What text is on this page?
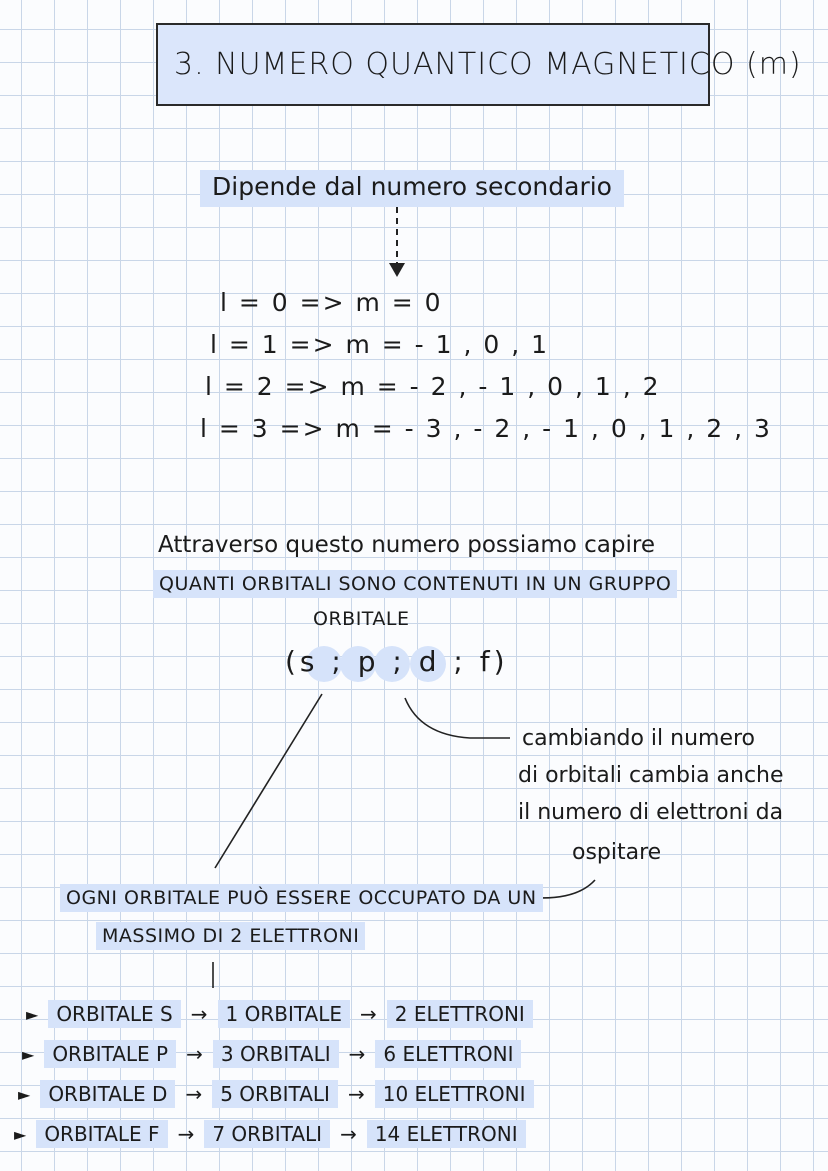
3. NUMERO QUANTICO MAGNETICO (m)
Dipende dal numero secondario
l = 0 => m = 0
l = 1 => m = - 1 , 0 , 1
l = 2 => m = - 2 , - 1 , 0 , 1 , 2
l = 3 => m = - 3 , - 2 , - 1 , 0 , 1 , 2 , 3
Attraverso questo numero possiamo capire
QUANTI ORBITALI SONO CONTENUTI IN UN GRUPPO
ORBITALE
(s ; p ; d ; f)
cambiando il numero
di orbitali cambia anche
il numero di elettroni da
ospitare
OGNI ORBITALE PUÒ ESSERE OCCUPATO DA UN
MASSIMO DI 2 ELETTRONI
► ORBITALE S → 1 ORBITALE → 2 ELETTRONI
► ORBITALE P → 3 ORBITALI → 6 ELETTRONI
► ORBITALE D → 5 ORBITALI → 10 ELETTRONI
► ORBITALE F → 7 ORBITALI → 14 ELETTRONI
